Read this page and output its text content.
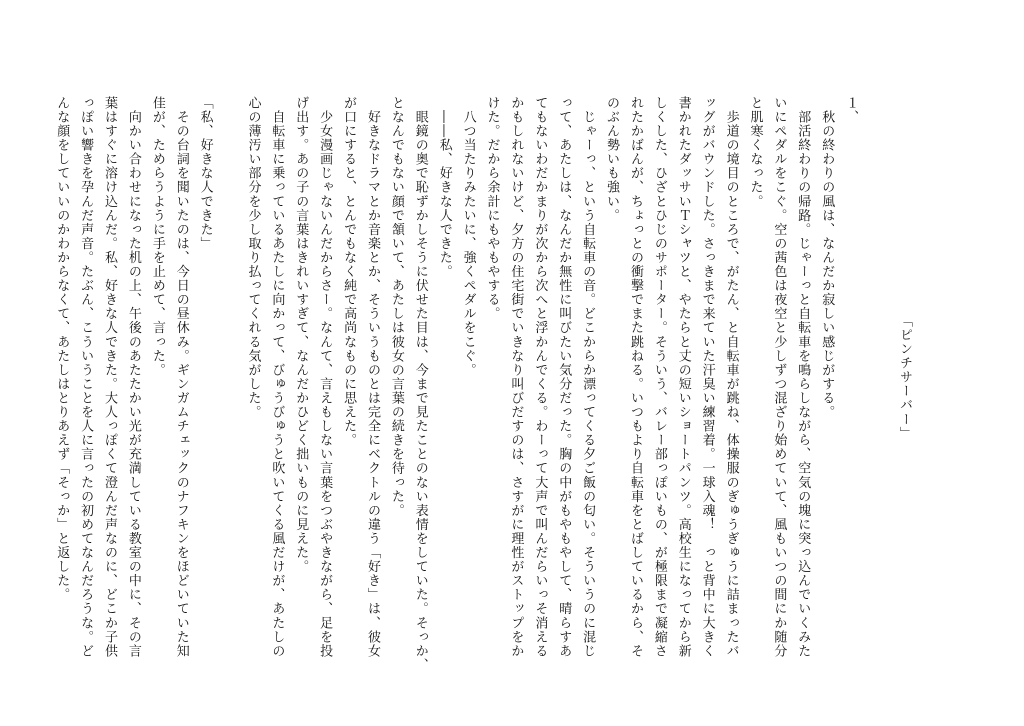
「ピンチサーバー」
１、
　秋の終わりの風は、なんだか寂しい感じがする。
　部活終わりの帰路。じゃーっと自転車を鳴らしながら、空気の塊に突っ込んでいくみた
いにペダルをこぐ。空の茜色は夜空と少しずつ混ざり始めていて、風もいつの間にか随分
と肌寒くなった。
　歩道の境目のところで、がたん、と自転車が跳ね、体操服のぎゅうぎゅうに詰まったバ
ッグがバウンドした。さっきまで来ていた汗臭い練習着。一球入魂！　っと背中に大きく
書かれたダッサいＴシャツと、やたらと丈の短いショートパンツ。高校生になってから新
しくした、ひざとひじのサポーター。そういう、バレー部っぽいもの、が極限まで凝縮さ
れたかばんが、ちょっとの衝撃でまた跳ねる。いつもより自転車をとばしているから、そ
のぶん勢いも強い。
　じゃーっ、という自転車の音。どこからか漂ってくる夕ご飯の匂い。そういうのに混じ
って、あたしは、なんだか無性に叫びたい気分だった。胸の中がもやもやして、晴らすあ
てもないわだかまりが次から次へと浮かんでくる。わーって大声で叫んだらいっそ消える
かもしれないけど、夕方の住宅街でいきなり叫びだすのは、さすがに理性がストップをか
けた。だから余計にもやもやする。
　八つ当たりみたいに、強くペダルをこぐ。
　――私、好きな人できた。
　眼鏡の奥で恥ずかしそうに伏せた目は、今まで見たことのない表情をしていた。そっか、
となんでもない顔で頷いて、あたしは彼女の言葉の続きを待った。
　好きなドラマとか音楽とか、そういうものとは完全にベクトルの違う「好き」は、彼女
が口にすると、とんでもなく純で高尚なものに思えた。
　少女漫画じゃないんだからさー。なんて、言えもしない言葉をつぶやきながら、足を投
げ出す。あの子の言葉はきれいすぎて、なんだかひどく拙いものに見えた。
　自転車に乗っているあたしに向かって、びゅうびゅうと吹いてくる風だけが、あたしの
心の薄汚い部分を少し取り払ってくれる気がした。

「私、好きな人できた」
　その台詞を聞いたのは、今日の昼休み。ギンガムチェックのナフキンをほどいていた知
佳が、ためらうように手を止めて、言った。
　向かい合わせになった机の上、午後のあたたかい光が充満している教室の中に、その言
葉はすぐに溶け込んだ。私、好きな人できた。大人っぽくて澄んだ声なのに、どこか子供
っぽい響きを孕んだ声音。たぶん、こういうことを人に言ったの初めてなんだろうな。ど
んな顔をしていいのかわからなくて、あたしはとりあえず「そっか」と返した。
